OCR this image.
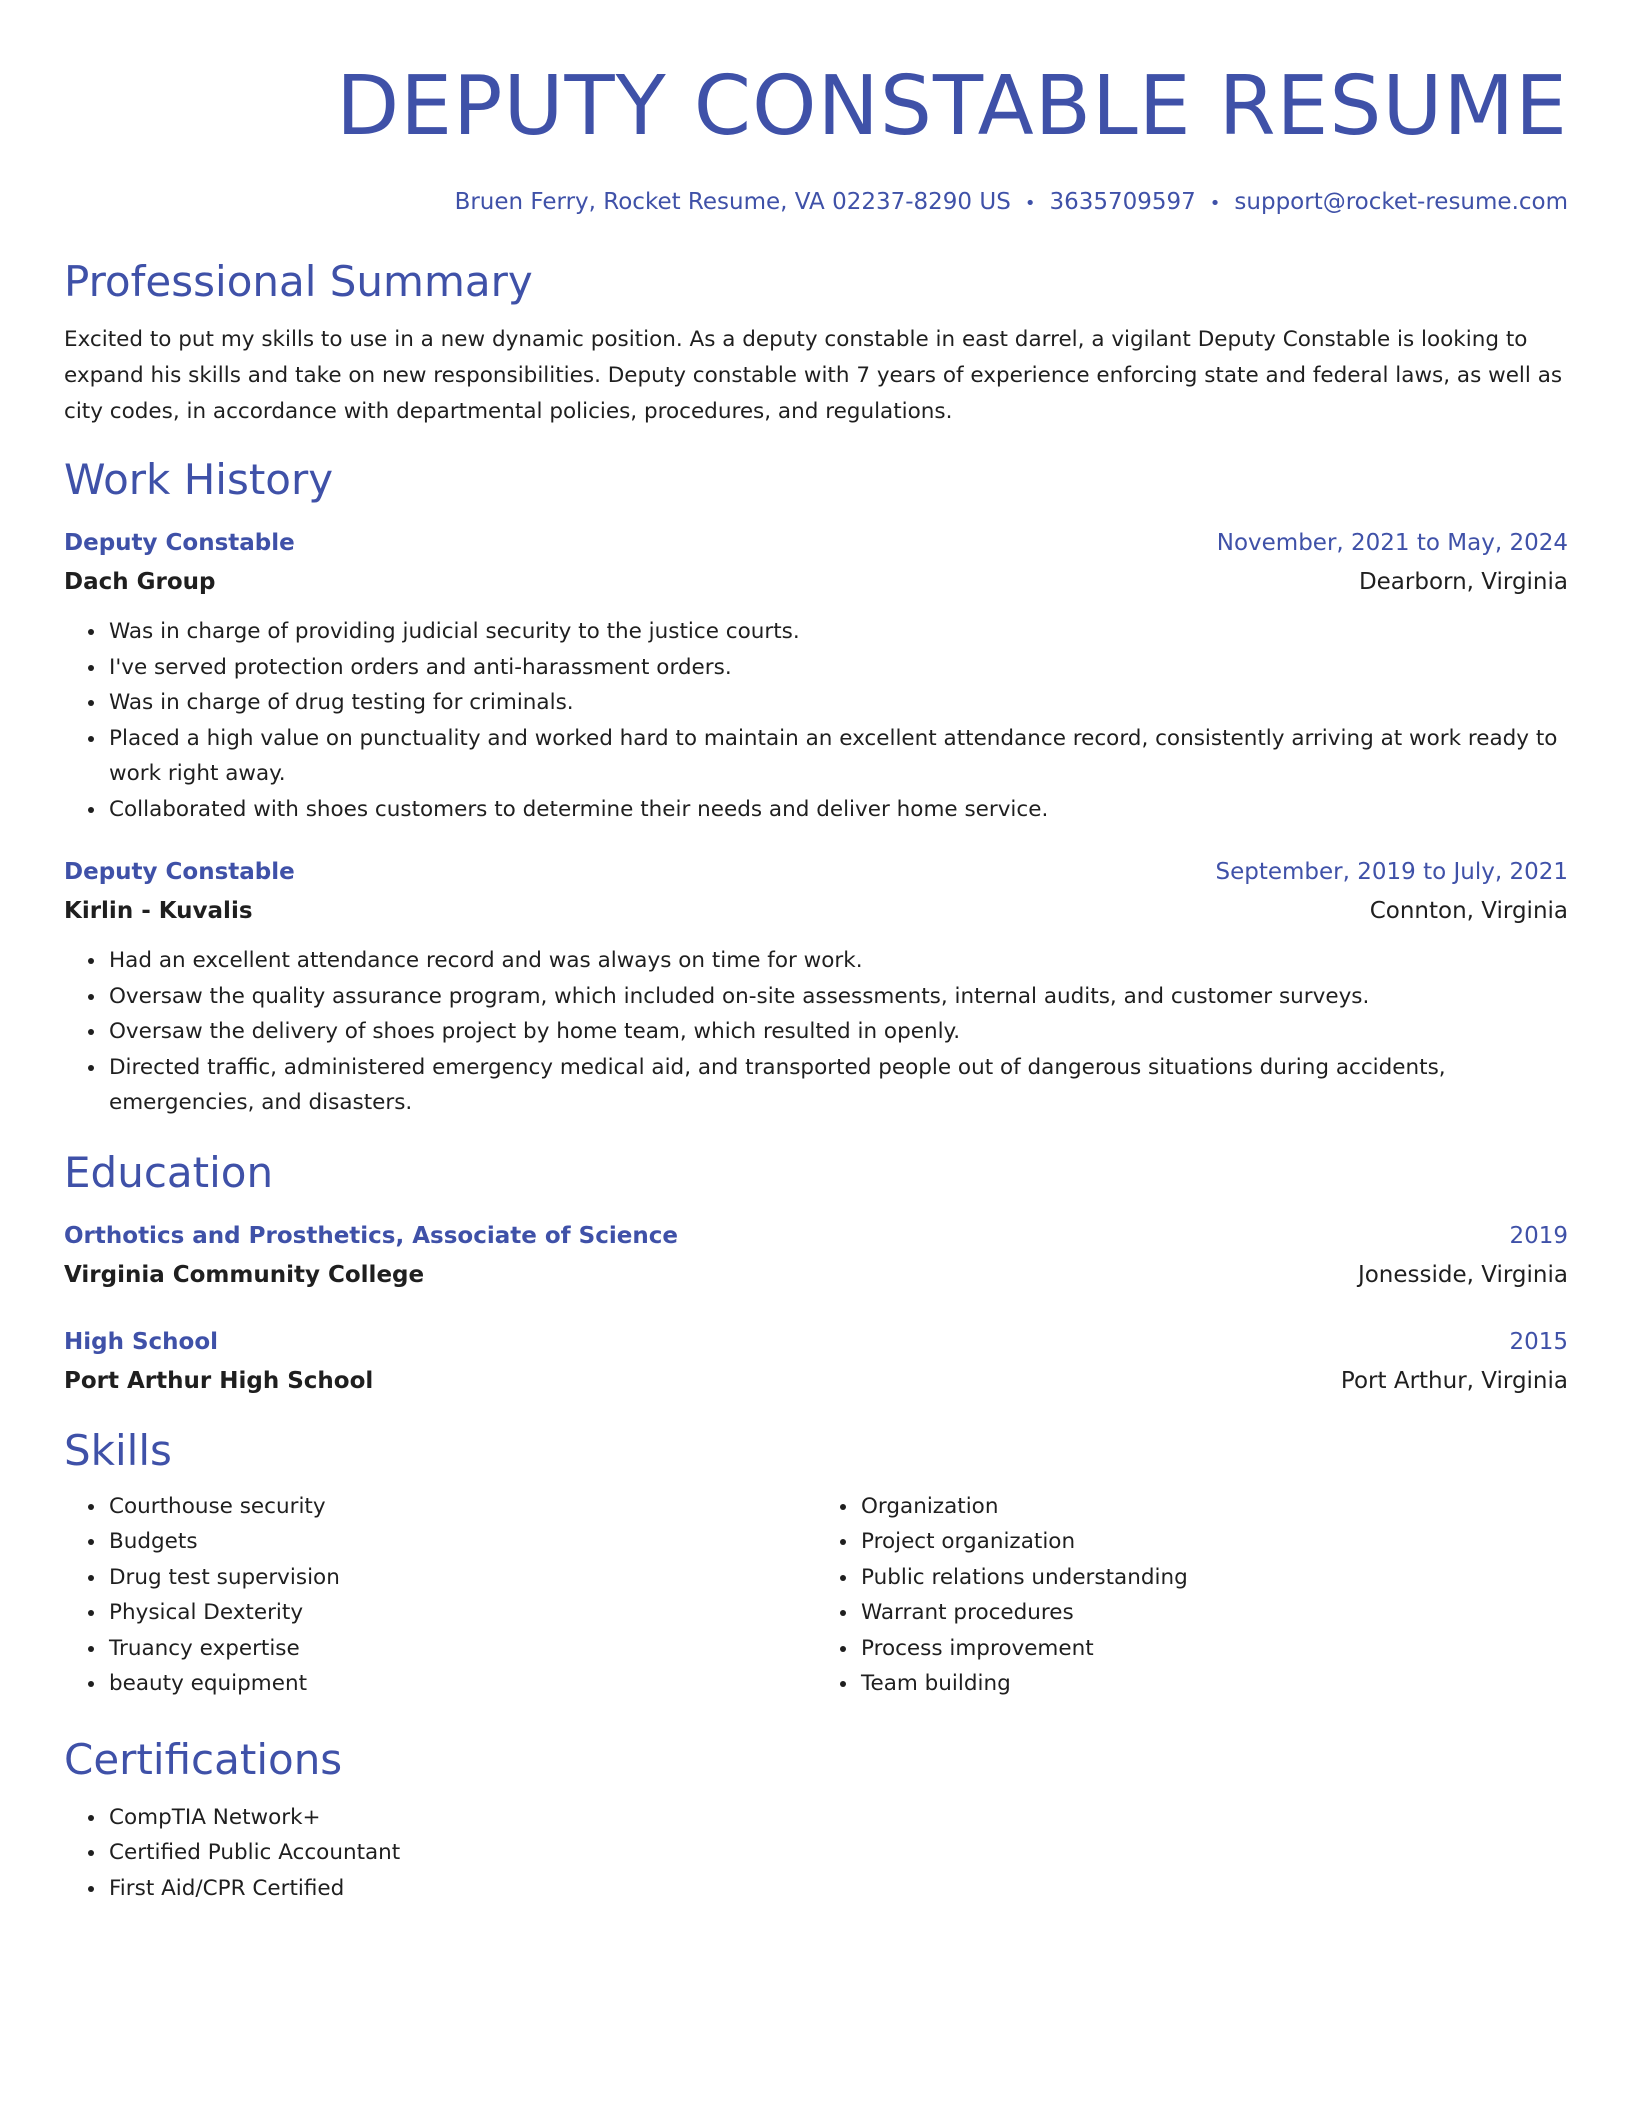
DEPUTY CONSTABLE RESUME
Bruen Ferry, Rocket Resume, VA 02237-8290 US • 3635709597 • support@rocket-resume.com
Professional Summary

Excited to put my skills to use in a new dynamic position. As a deputy constable in east darrel, a vigilant Deputy Constable is looking to expand his skills and take on new responsibilities. Deputy constable with 7 years of experience enforcing state and federal laws, as well as city codes, in accordance with departmental policies, procedures, and regulations.

Work History
Deputy Constable	November, 2021 to May, 2024
Dach Group	Dearborn, Virginia
• Was in charge of providing judicial security to the justice courts.
• I've served protection orders and anti-harassment orders.
• Was in charge of drug testing for criminals.
• Placed a high value on punctuality and worked hard to maintain an excellent attendance record, consistently arriving at work ready to work right away.
• Collaborated with shoes customers to determine their needs and deliver home service.
Deputy Constable	September, 2019 to July, 2021
Kirlin - Kuvalis	Connton, Virginia
• Had an excellent attendance record and was always on time for work.
• Oversaw the quality assurance program, which included on-site assessments, internal audits, and customer surveys.
• Oversaw the delivery of shoes project by home team, which resulted in openly.
• Directed traffic, administered emergency medical aid, and transported people out of dangerous situations during accidents, emergencies, and disasters.
Education
Orthotics and Prosthetics, Associate of Science	2019
Virginia Community College	Jonesside, Virginia
High School	2015
Port Arthur High School	Port Arthur, Virginia
Skills
• Courthouse security
• Budgets
• Drug test supervision
• Physical Dexterity
• Truancy expertise
• beauty equipment
• Organization
• Project organization
• Public relations understanding
• Warrant procedures
• Process improvement
• Team building
Certifications
• CompTIA Network+
• Certified Public Accountant
• First Aid/CPR Certified
